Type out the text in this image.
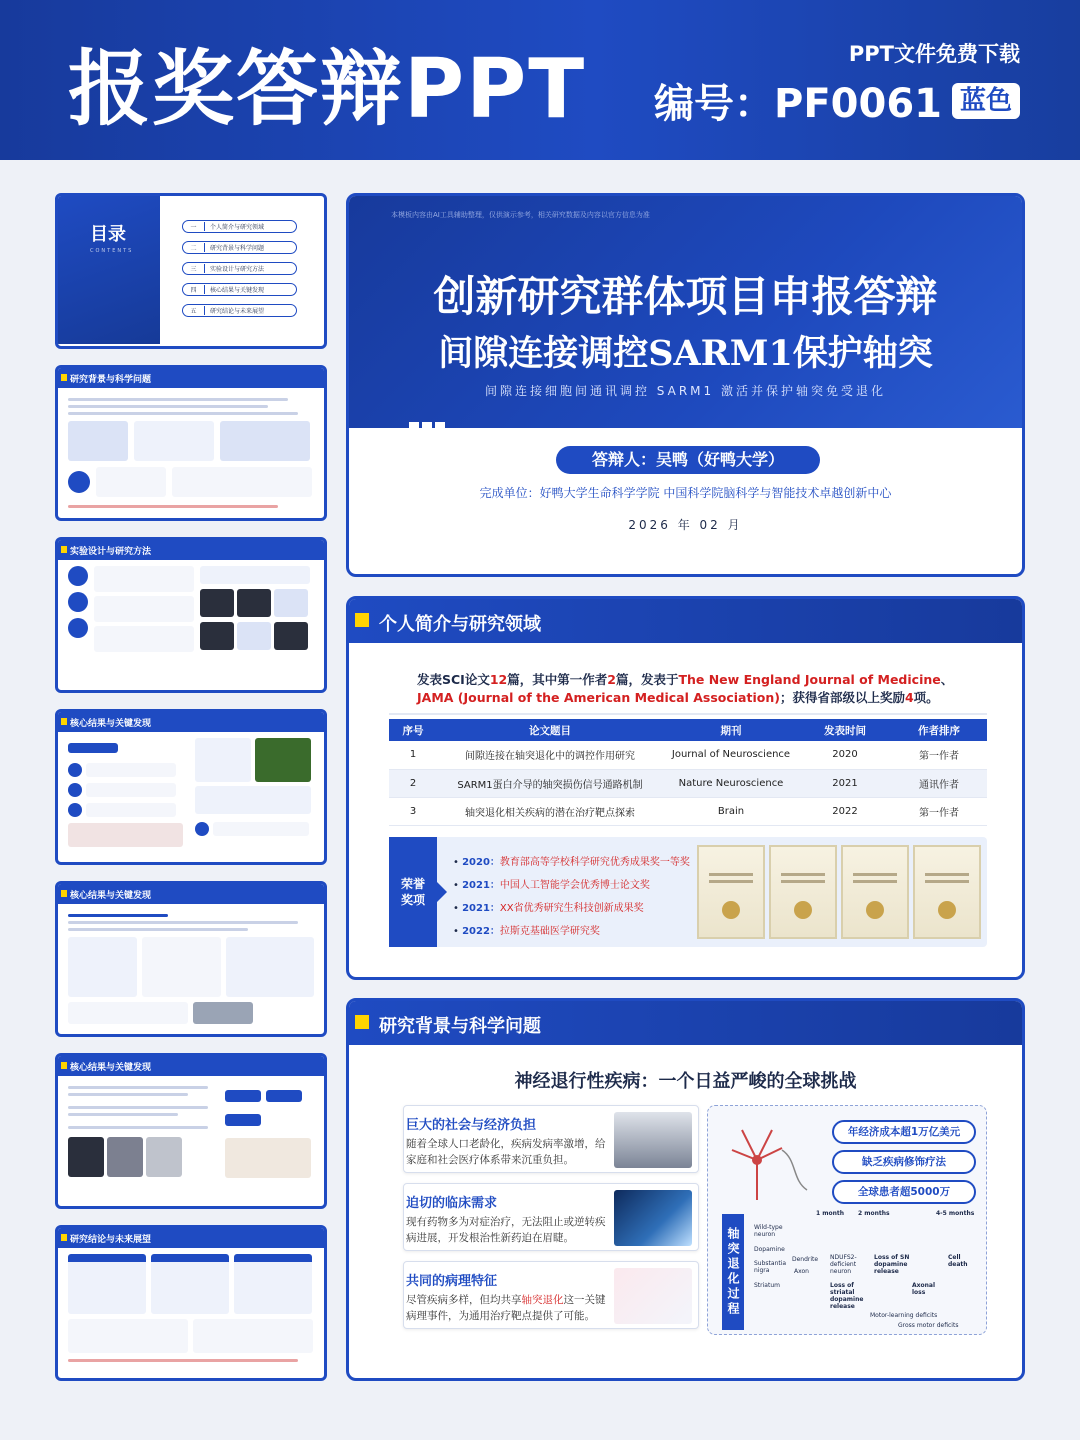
报奖答辩PPT	PPT文件免费下载
编号：PF0061 蓝色
目录
CONTENTS
一	个人简介与研究领域
二	研究背景与科学问题
三	实验设计与研究方法
四	核心结果与关键发现
五	研究结论与未来展望
研究背景与科学问题
实验设计与研究方法
核心结果与关键发现
核心结果与关键发现
核心结果与关键发现

研究结论与未来展望
本模板内容由AI工具辅助整理，仅供演示参考，相关研究数据及内容以官方信息为准
创新研究群体项目申报答辩
间隙连接调控SARM1保护轴突
间隙连接细胞间通讯调控 SARM1 激活并保护轴突免受退化
答辩人：吴鸭（好鸭大学）
完成单位：好鸭大学生命科学学院 中国科学院脑科学与智能技术卓越创新中心
2026 年 02 月
个人简介与研究领域
发表SCI论文12篇，其中第一作者2篇，发表于The New England Journal of Medicine、
JAMA (Journal of the American Medical Association)；获得省部级以上奖励4项。
序号	论文题目	期刊	发表时间	作者排序
1	间隙连接在轴突退化中的调控作用研究	Journal of Neuroscience	2020	第一作者
2	SARM1蛋白介导的轴突损伤信号通路机制	Nature Neuroscience	2021	通讯作者
3	轴突退化相关疾病的潜在治疗靶点探索	Brain	2022	第一作者
荣誉奖项
• 2020：教育部高等学校科学研究优秀成果奖一等奖
• 2021：中国人工智能学会优秀博士论文奖
• 2021：XX省优秀研究生科技创新成果奖
• 2022：拉斯克基础医学研究奖
研究背景与科学问题
神经退行性疾病：一个日益严峻的全球挑战
巨大的社会与经济负担
随着全球人口老龄化，疾病发病率激增，给家庭和社会医疗体系带来沉重负担。
迫切的临床需求
现有药物多为对症治疗，无法阻止或逆转疾病进展，开发根治性新药迫在眉睫。
共同的病理特征
尽管疾病多样，但均共享轴突退化这一关键病理事件，为通用治疗靶点提供了可能。
年经济成本超1万亿美元
缺乏疾病修饰疗法
全球患者超5000万
轴突退化过程
1 month 2 months	4-5 months
Wild-type neuron
Dopamine
Substantia nigra
Striatum
Dendrite
Axon
NDUFS2-deficient neuron
Loss of SN dopamine release
Cell death
Loss of striatal dopamine release
Axonal loss
Motor-learning deficits
Gross motor deficits
